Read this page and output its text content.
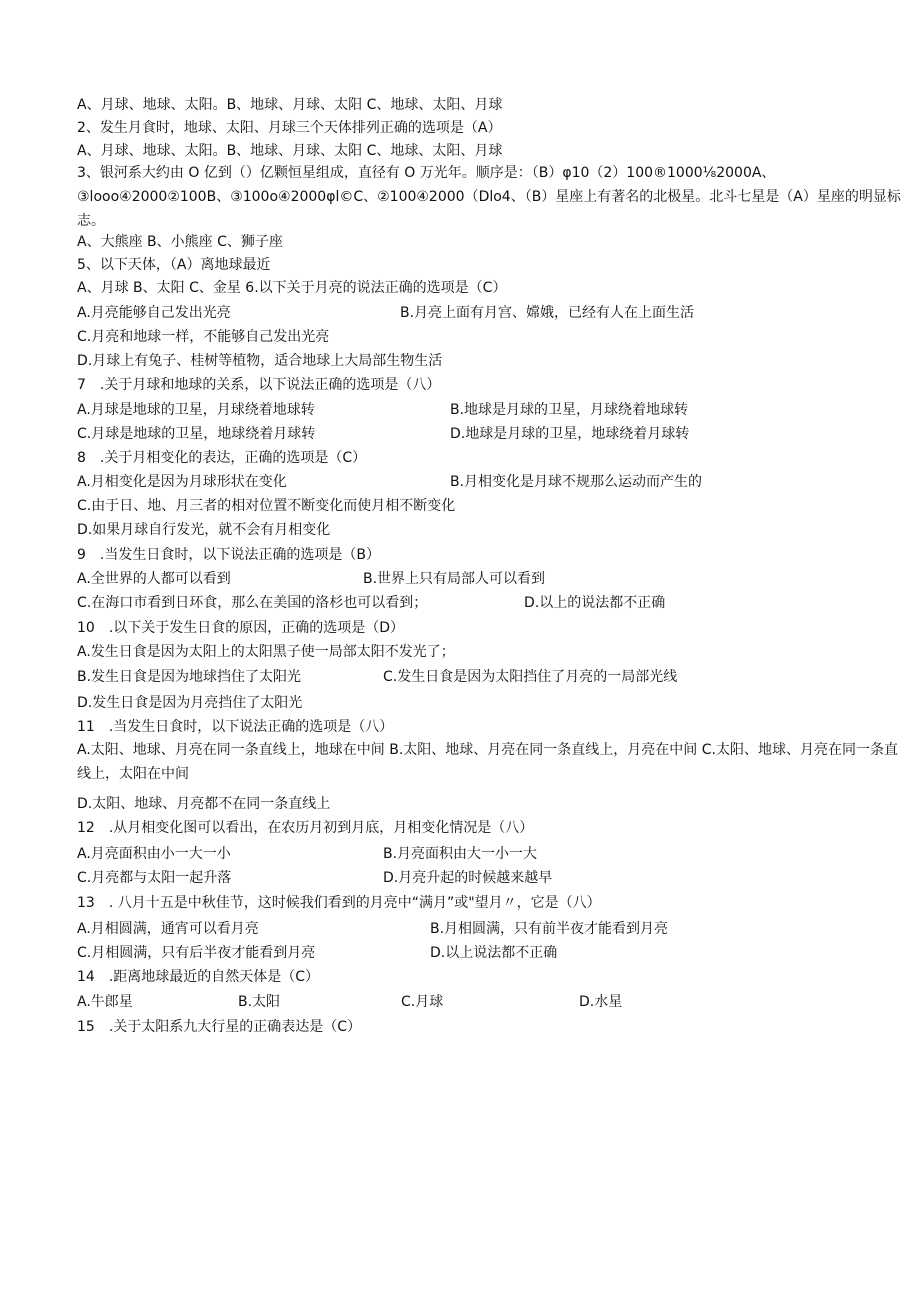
A、月球、地球、太阳。B、地球、月球、太阳 C、地球、太阳、月球
2、发生月食时，地球、太阳、月球三个天体排列正确的选项是（A）
A、月球、地球、太阳。B、地球、月球、太阳 C、地球、太阳、月球
3、银河系大约由 O 亿到（）亿颗恒星组成，直径有 O 万光年。顺序是：（B）φ10（2）100®1000⅛2000A、③looo④2000②100B、③100o④2000φl©C、②100④2000（Dlo4、（B）星座上有著名的北极星。北斗七星是（A）星座的明显标志。
A、大熊座 B、小熊座 C、狮子座
5、以下天体，（A）离地球最近
A、月球 B、太阳 C、金星 6.以下关于月亮的说法正确的选项是（C）
A.月亮能够自己发出光亮	B.月亮上面有月宫、嫦娥，已经有人在上面生活
C.月亮和地球一样，不能够自己发出光亮
D.月球上有兔子、桂树等植物，适合地球上大局部生物生活
7　.关于月球和地球的关系，以下说法正确的选项是（八）
A.月球是地球的卫星，月球绕着地球转	B.地球是月球的卫星，月球绕着地球转
C.月球是地球的卫星，地球绕着月球转	D.地球是月球的卫星，地球绕着月球转
8　.关于月相变化的表达，正确的选项是（C）
A.月相变化是因为月球形状在变化	B.月相变化是月球不规那么运动而产生的
C.由于日、地、月三者的相对位置不断变化而使月相不断变化
D.如果月球自行发光，就不会有月相变化
9　.当发生日食时，以下说法正确的选项是（B）
A.全世界的人都可以看到	B.世界上只有局部人可以看到
C.在海口市看到日环食，那么在美国的洛杉也可以看到；	D.以上的说法都不正确
10　.以下关于发生日食的原因，正确的选项是（D）
A.发生日食是因为太阳上的太阳黑子使一局部太阳不发光了；
B.发生日食是因为地球挡住了太阳光	C.发生日食是因为太阳挡住了月亮的一局部光线
D.发生日食是因为月亮挡住了太阳光
11　.当发生日食时，以下说法正确的选项是（八）
A.太阳、地球、月亮在同一条直线上，地球在中间 B.太阳、地球、月亮在同一条直线上，月亮在中间 C.太阳、地球、月亮在同一条直线上，太阳在中间
D.太阳、地球、月亮都不在同一条直线上
12　.从月相变化图可以看出，在农历月初到月底，月相变化情况是（八）
A.月亮面积由小一大一小	B.月亮面积由大一小一大
C.月亮都与太阳一起升落	D.月亮升起的时候越来越早
13　. 八月十五是中秋佳节，这时候我们看到的月亮中“满月”或"望月〃，它是（八）
A.月相圆满，通宵可以看月亮	B.月相圆满，只有前半夜才能看到月亮
C.月相圆满，只有后半夜才能看到月亮	D.以上说法都不正确
14　.距离地球最近的自然天体是（C）
A.牛郎星	B.太阳	C.月球	D.水星
15　.关于太阳系九大行星的正确表达是（C）
